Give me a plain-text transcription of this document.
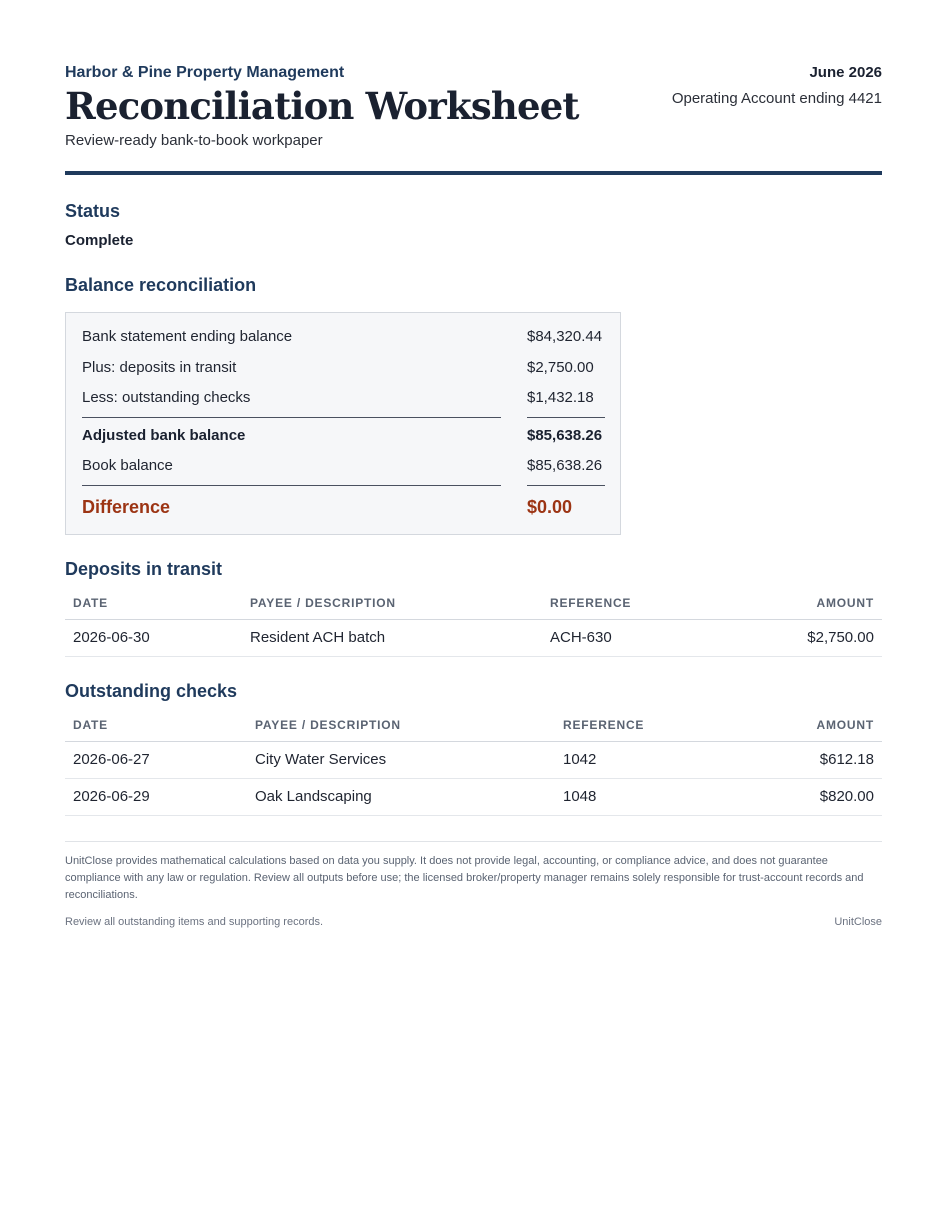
Harbor & Pine Property Management
Reconciliation Worksheet
Review-ready bank-to-book workpaper
June 2026
Operating Account ending 4421
Status
Complete
Balance reconciliation
Bank statement ending balance	$84,320.44
Plus: deposits in transit	$2,750.00
Less: outstanding checks	$1,432.18
Adjusted bank balance	$85,638.26
Book balance	$85,638.26
Difference	$0.00
Deposits in transit
DATE	PAYEE / DESCRIPTION	REFERENCE	AMOUNT
2026-06-30	Resident ACH batch	ACH-630	$2,750.00
Outstanding checks
DATE	PAYEE / DESCRIPTION	REFERENCE	AMOUNT
2026-06-27	City Water Services	1042	$612.18
2026-06-29	Oak Landscaping	1048	$820.00

UnitClose provides mathematical calculations based on data you supply. It does not provide legal, accounting, or compliance advice, and does not guarantee compliance with any law or regulation. Review all outputs before use; the licensed broker/property manager remains solely responsible for trust-account records and reconciliations.

Review all outstanding items and supporting records.	UnitClose
